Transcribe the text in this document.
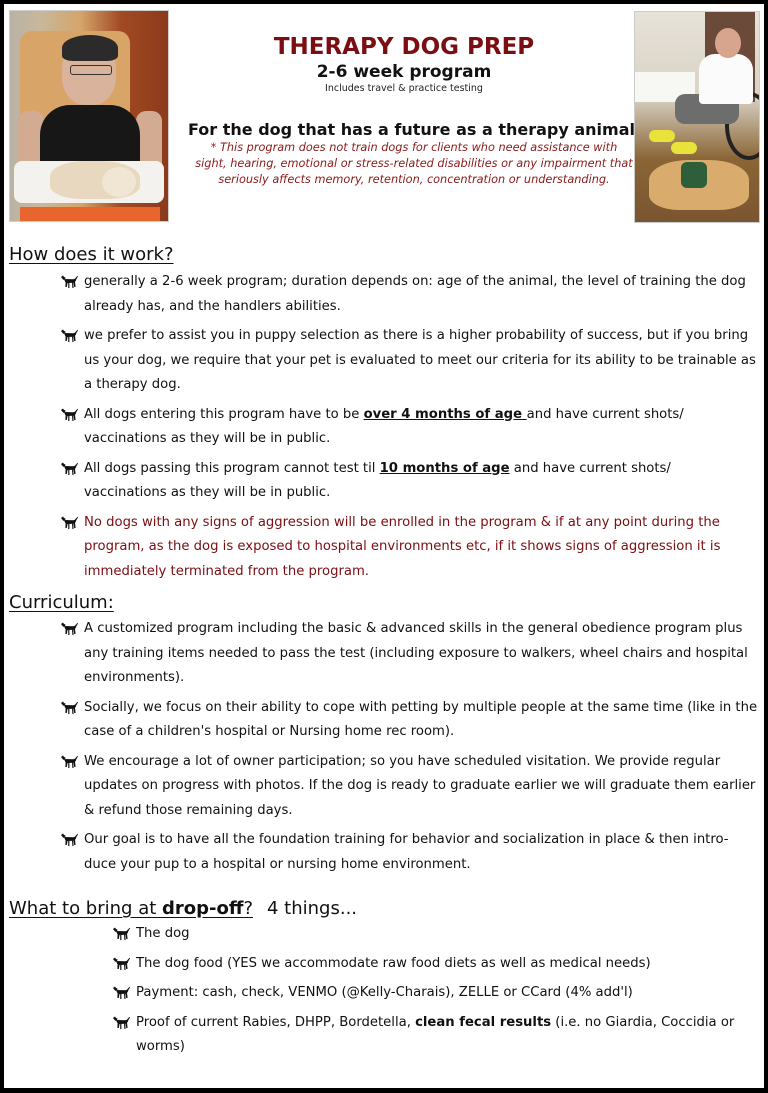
THERAPY DOG PREP
2-6 week program
Includes travel & practice testing
For the dog that has a future as a therapy animal
* This program does not train dogs for clients who need assistance with sight, hearing, emotional or stress-related disabilities or any impairment that seriously affects memory, retention, concentration or understanding.
How does it work?
generally a 2-6 week program; duration depends on: age of the animal, the level of training the dog already has, and the handlers abilities.
we prefer to assist you in puppy selection as there is a higher probability of success, but if you bring us your dog, we require that your pet is evaluated to meet our criteria for its ability to be trainable as a therapy dog.
All dogs entering this program have to be over 4 months of age and have current shots/ vaccinations as they will be in public.
All dogs passing this program cannot test til 10 months of age and have current shots/ vaccinations as they will be in public.
No dogs with any signs of aggression will be enrolled in the program & if at any point during the program, as the dog is exposed to hospital environments etc, if it shows signs of aggression it is immediately terminated from the program.
Curriculum:
A customized program including the basic & advanced skills in the general obedience program plus any training items needed to pass the test (including exposure to walkers, wheel chairs and hospital environments).
Socially, we focus on their ability to cope with petting by multiple people at the same time (like in the case of a children's hospital or Nursing home rec room).
We encourage a lot of owner participation; so you have scheduled visitation. We provide regular updates on progress with photos. If the dog is ready to graduate earlier we will graduate them earlier & refund those remaining days.
Our goal is to have all the foundation training for behavior and socialization in place & then intro-duce your pup to a hospital or nursing home environment.
What to bring at drop-off? 4 things...
The dog
The dog food (YES we accommodate raw food diets as well as medical needs)
Payment: cash, check, VENMO (@Kelly-Charais), ZELLE or CCard (4% add'l)
Proof of current Rabies, DHPP, Bordetella, clean fecal results (i.e. no Giardia, Coccidia or worms)
